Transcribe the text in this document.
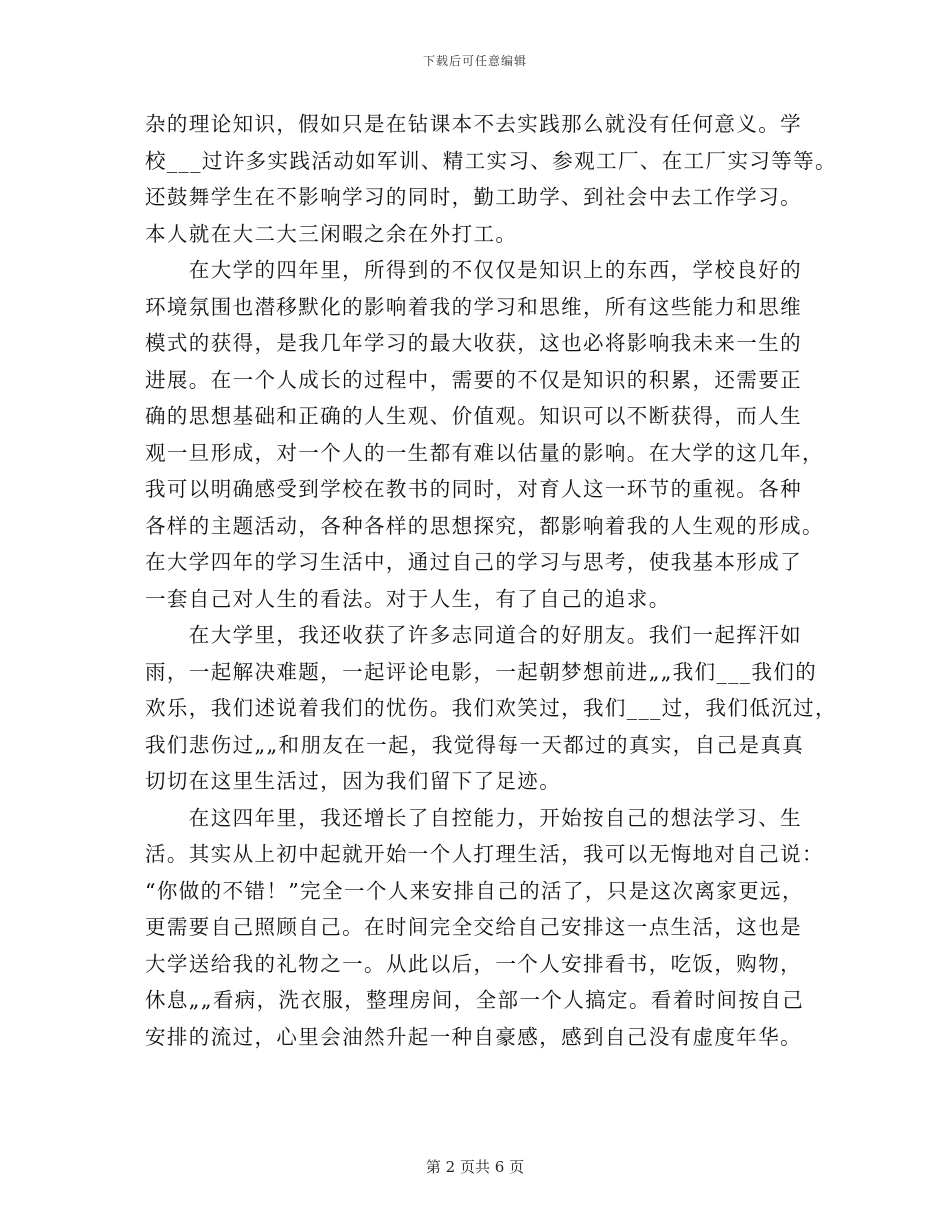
下载后可任意编辑
杂的理论知识，假如只是在钻课本不去实践那么就没有任何意义。学
校___过许多实践活动如军训、精工实习、参观工厂、在工厂实习等等。
还鼓舞学生在不影响学习的同时，勤工助学、到社会中去工作学习。
本人就在大二大三闲暇之余在外打工。
　　在大学的四年里，所得到的不仅仅是知识上的东西，学校良好的
环境氛围也潜移默化的影响着我的学习和思维，所有这些能力和思维
模式的获得，是我几年学习的最大收获，这也必将影响我未来一生的
进展。在一个人成长的过程中，需要的不仅是知识的积累，还需要正
确的思想基础和正确的人生观、价值观。知识可以不断获得，而人生
观一旦形成，对一个人的一生都有难以估量的影响。在大学的这几年，
我可以明确感受到学校在教书的同时，对育人这一环节的重视。各种
各样的主题活动，各种各样的思想探究，都影响着我的人生观的形成。
在大学四年的学习生活中，通过自己的学习与思考，使我基本形成了
一套自己对人生的看法。对于人生，有了自己的追求。
　　在大学里，我还收获了许多志同道合的好朋友。我们一起挥汗如
雨，一起解决难题，一起评论电影，一起朝梦想前进„„我们___我们的
欢乐，我们述说着我们的忧伤。我们欢笑过，我们___过，我们低沉过，
我们悲伤过„„和朋友在一起，我觉得每一天都过的真实，自己是真真
切切在这里生活过，因为我们留下了足迹。
　　在这四年里，我还增长了自控能力，开始按自己的想法学习、生
活。其实从上初中起就开始一个人打理生活，我可以无悔地对自己说：
“你做的不错！”完全一个人来安排自己的活了，只是这次离家更远，
更需要自己照顾自己。在时间完全交给自己安排这一点生活，这也是
大学送给我的礼物之一。从此以后，一个人安排看书，吃饭，购物，
休息„„看病，洗衣服，整理房间，全部一个人搞定。看着时间按自己
安排的流过，心里会油然升起一种自豪感，感到自己没有虚度年华。
第 2 页共 6 页
